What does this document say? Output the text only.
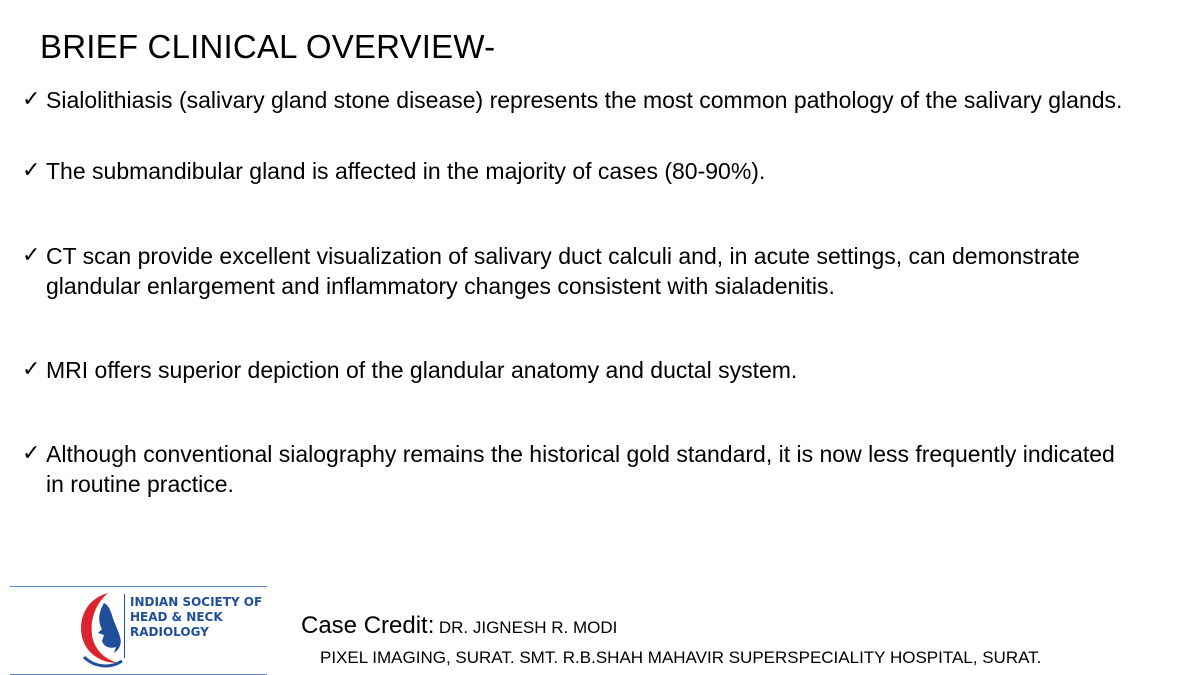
BRIEF CLINICAL OVERVIEW-
✓ Sialolithiasis (salivary gland stone disease) represents the most common pathology of the salivary glands.
✓ The submandibular gland is affected in the majority of cases (80-90%).
✓ CT scan provide excellent visualization of salivary duct calculi and, in acute settings, can demonstrate glandular enlargement and inflammatory changes consistent with sialadenitis.
✓ MRI offers superior depiction of the glandular anatomy and ductal system.
✓ Although conventional sialography remains the historical gold standard, it is now less frequently indicated in routine practice.
INDIAN SOCIETY OF
HEAD & NECK
RADIOLOGY	Case Credit: DR. JIGNESH R. MODI
PIXEL IMAGING, SURAT. SMT. R.B.SHAH MAHAVIR SUPERSPECIALITY HOSPITAL, SURAT.
